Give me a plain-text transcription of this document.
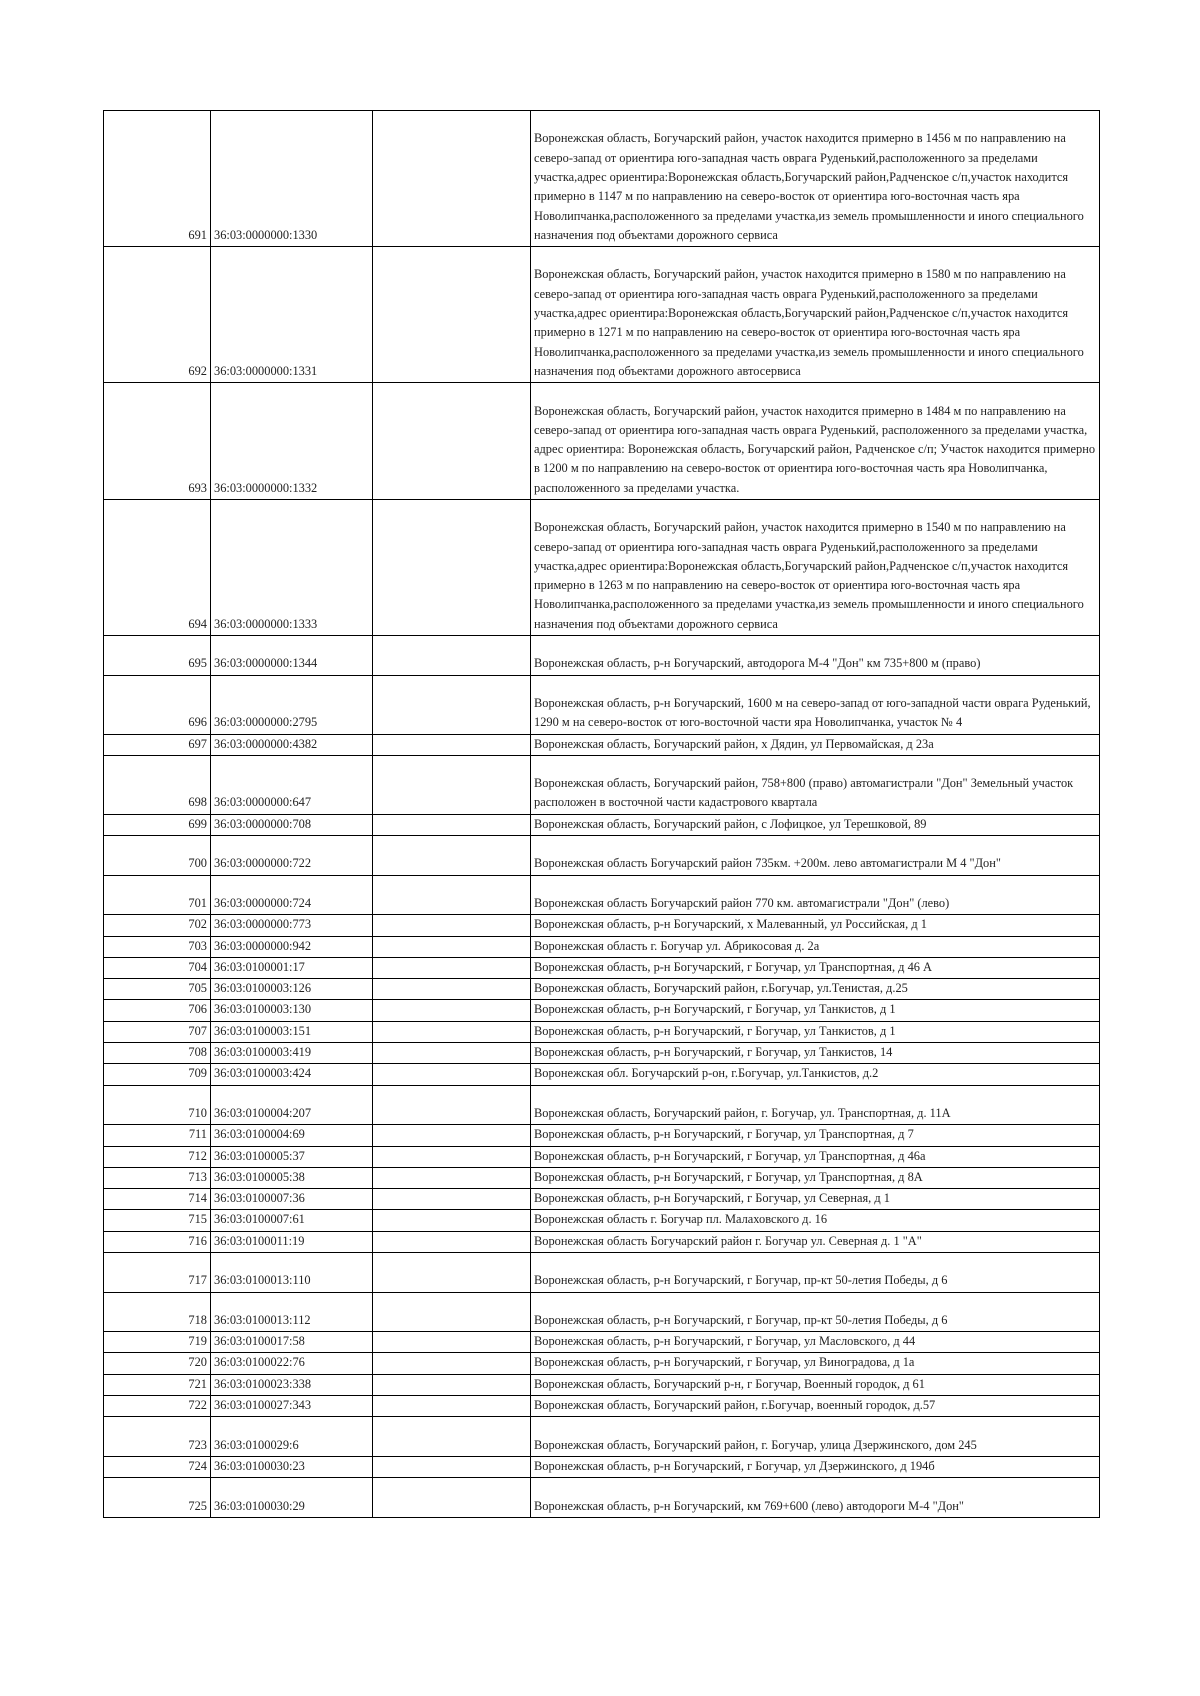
691	36:03:0000000:1330		Воронежская область, Богучарский район, участок находится примерно в 1456 м по направлению на северо-запад от ориентира юго-западная часть оврага Руденький,расположенного за пределами участка,адрес ориентира:Воронежская область,Богучарский район,Радченское с/п,участок находится примерно в 1147 м по направлению на северо-восток от ориентира юго-восточная часть яра Новолипчанка,расположенного за пределами участка,из земель промышленности и иного специального назначения под объектами дорожного сервиса
692	36:03:0000000:1331		Воронежская область, Богучарский район, участок находится примерно в 1580 м по направлению на северо-запад от ориентира юго-западная часть оврага Руденький,расположенного за пределами участка,адрес ориентира:Воронежская область,Богучарский район,Радченское с/п,участок находится примерно в 1271 м по направлению на северо-восток от ориентира юго-восточная часть яра Новолипчанка,расположенного за пределами участка,из земель промышленности и иного специального назначения под объектами дорожного автосервиса
693	36:03:0000000:1332		Воронежская область, Богучарский район, участок находится примерно в 1484 м по направлению на северо-запад от ориентира юго-западная часть оврага Руденький, расположенного за пределами участка, адрес ориентира: Воронежская область, Богучарский район, Радченское с/п; Участок находится примерно в 1200 м по направлению на северо-восток от ориентира юго-восточная часть яра Новолипчанка, расположенного за пределами участка.
694	36:03:0000000:1333		Воронежская область, Богучарский район, участок находится примерно в 1540 м по направлению на северо-запад от ориентира юго-западная часть оврага Руденький,расположенного за пределами участка,адрес ориентира:Воронежская область,Богучарский район,Радченское с/п,участок находится примерно в 1263 м по направлению на северо-восток от ориентира юго-восточная часть яра Новолипчанка,расположенного за пределами участка,из земель промышленности и иного специального назначения под объектами дорожного сервиса
695	36:03:0000000:1344		Воронежская область, р-н Богучарский, автодорога М-4 "Дон" км 735+800 м (право)
696	36:03:0000000:2795		Воронежская область, р-н Богучарский, 1600 м на северо-запад от юго-западной части оврага Руденький, 1290 м на северо-восток от юго-восточной части яра Новолипчанка, участок № 4
697	36:03:0000000:4382		Воронежская область, Богучарский район, х Дядин, ул Первомайская, д 23а
698	36:03:0000000:647		Воронежская область, Богучарский район, 758+800 (право) автомагистрали "Дон" Земельный участок расположен в восточной части кадастрового квартала
699	36:03:0000000:708		Воронежская область, Богучарский район, с Лофицкое, ул Терешковой, 89
700	36:03:0000000:722		Воронежская область Богучарский район 735км. +200м. лево автомагистрали М 4 "Дон"
701	36:03:0000000:724		Воронежская область Богучарский район 770 км. автомагистрали "Дон" (лево)
702	36:03:0000000:773		Воронежская область, р-н Богучарский, х Малеванный, ул Российская, д 1
703	36:03:0000000:942		Воронежская область г. Богучар ул. Абрикосовая д. 2а
704	36:03:0100001:17		Воронежская область, р-н Богучарский, г Богучар, ул Транспортная, д 46 А
705	36:03:0100003:126		Воронежская область, Богучарский район, г.Богучар, ул.Тенистая, д.25
706	36:03:0100003:130		Воронежская область, р-н Богучарский, г Богучар, ул Танкистов, д 1
707	36:03:0100003:151		Воронежская область, р-н Богучарский, г Богучар, ул Танкистов, д 1
708	36:03:0100003:419		Воронежская область, р-н Богучарский, г Богучар, ул Танкистов, 14
709	36:03:0100003:424		Воронежская обл. Богучарский р-он, г.Богучар, ул.Танкистов, д.2
710	36:03:0100004:207		Воронежская область, Богучарский район, г. Богучар, ул. Транспортная, д. 11А
711	36:03:0100004:69		Воронежская область, р-н Богучарский, г Богучар, ул Транспортная, д 7
712	36:03:0100005:37		Воронежская область, р-н Богучарский, г Богучар, ул Транспортная, д 46а
713	36:03:0100005:38		Воронежская область, р-н Богучарский, г Богучар, ул Транспортная, д 8А
714	36:03:0100007:36		Воронежская область, р-н Богучарский, г Богучар, ул Северная, д 1
715	36:03:0100007:61		Воронежская область г. Богучар пл. Малаховского д. 16
716	36:03:0100011:19		Воронежская область Богучарский район г. Богучар ул. Северная д. 1 "А"
717	36:03:0100013:110		Воронежская область, р-н Богучарский, г Богучар, пр-кт 50-летия Победы, д 6
718	36:03:0100013:112		Воронежская область, р-н Богучарский, г Богучар, пр-кт 50-летия Победы, д 6
719	36:03:0100017:58		Воронежская область, р-н Богучарский, г Богучар, ул Масловского, д 44
720	36:03:0100022:76		Воронежская область, р-н Богучарский, г Богучар, ул Виноградова, д 1а
721	36:03:0100023:338		Воронежская область, Богучарский р-н, г Богучар, Военный городок, д 61
722	36:03:0100027:343		Воронежская область, Богучарский район, г.Богучар, военный городок, д.57
723	36:03:0100029:6		Воронежская область, Богучарский район, г. Богучар, улица Дзержинского, дом 245
724	36:03:0100030:23		Воронежская область, р-н Богучарский, г Богучар, ул Дзержинского, д 194б
725	36:03:0100030:29		Воронежская область, р-н Богучарский, км 769+600 (лево) автодороги М-4 "Дон"
